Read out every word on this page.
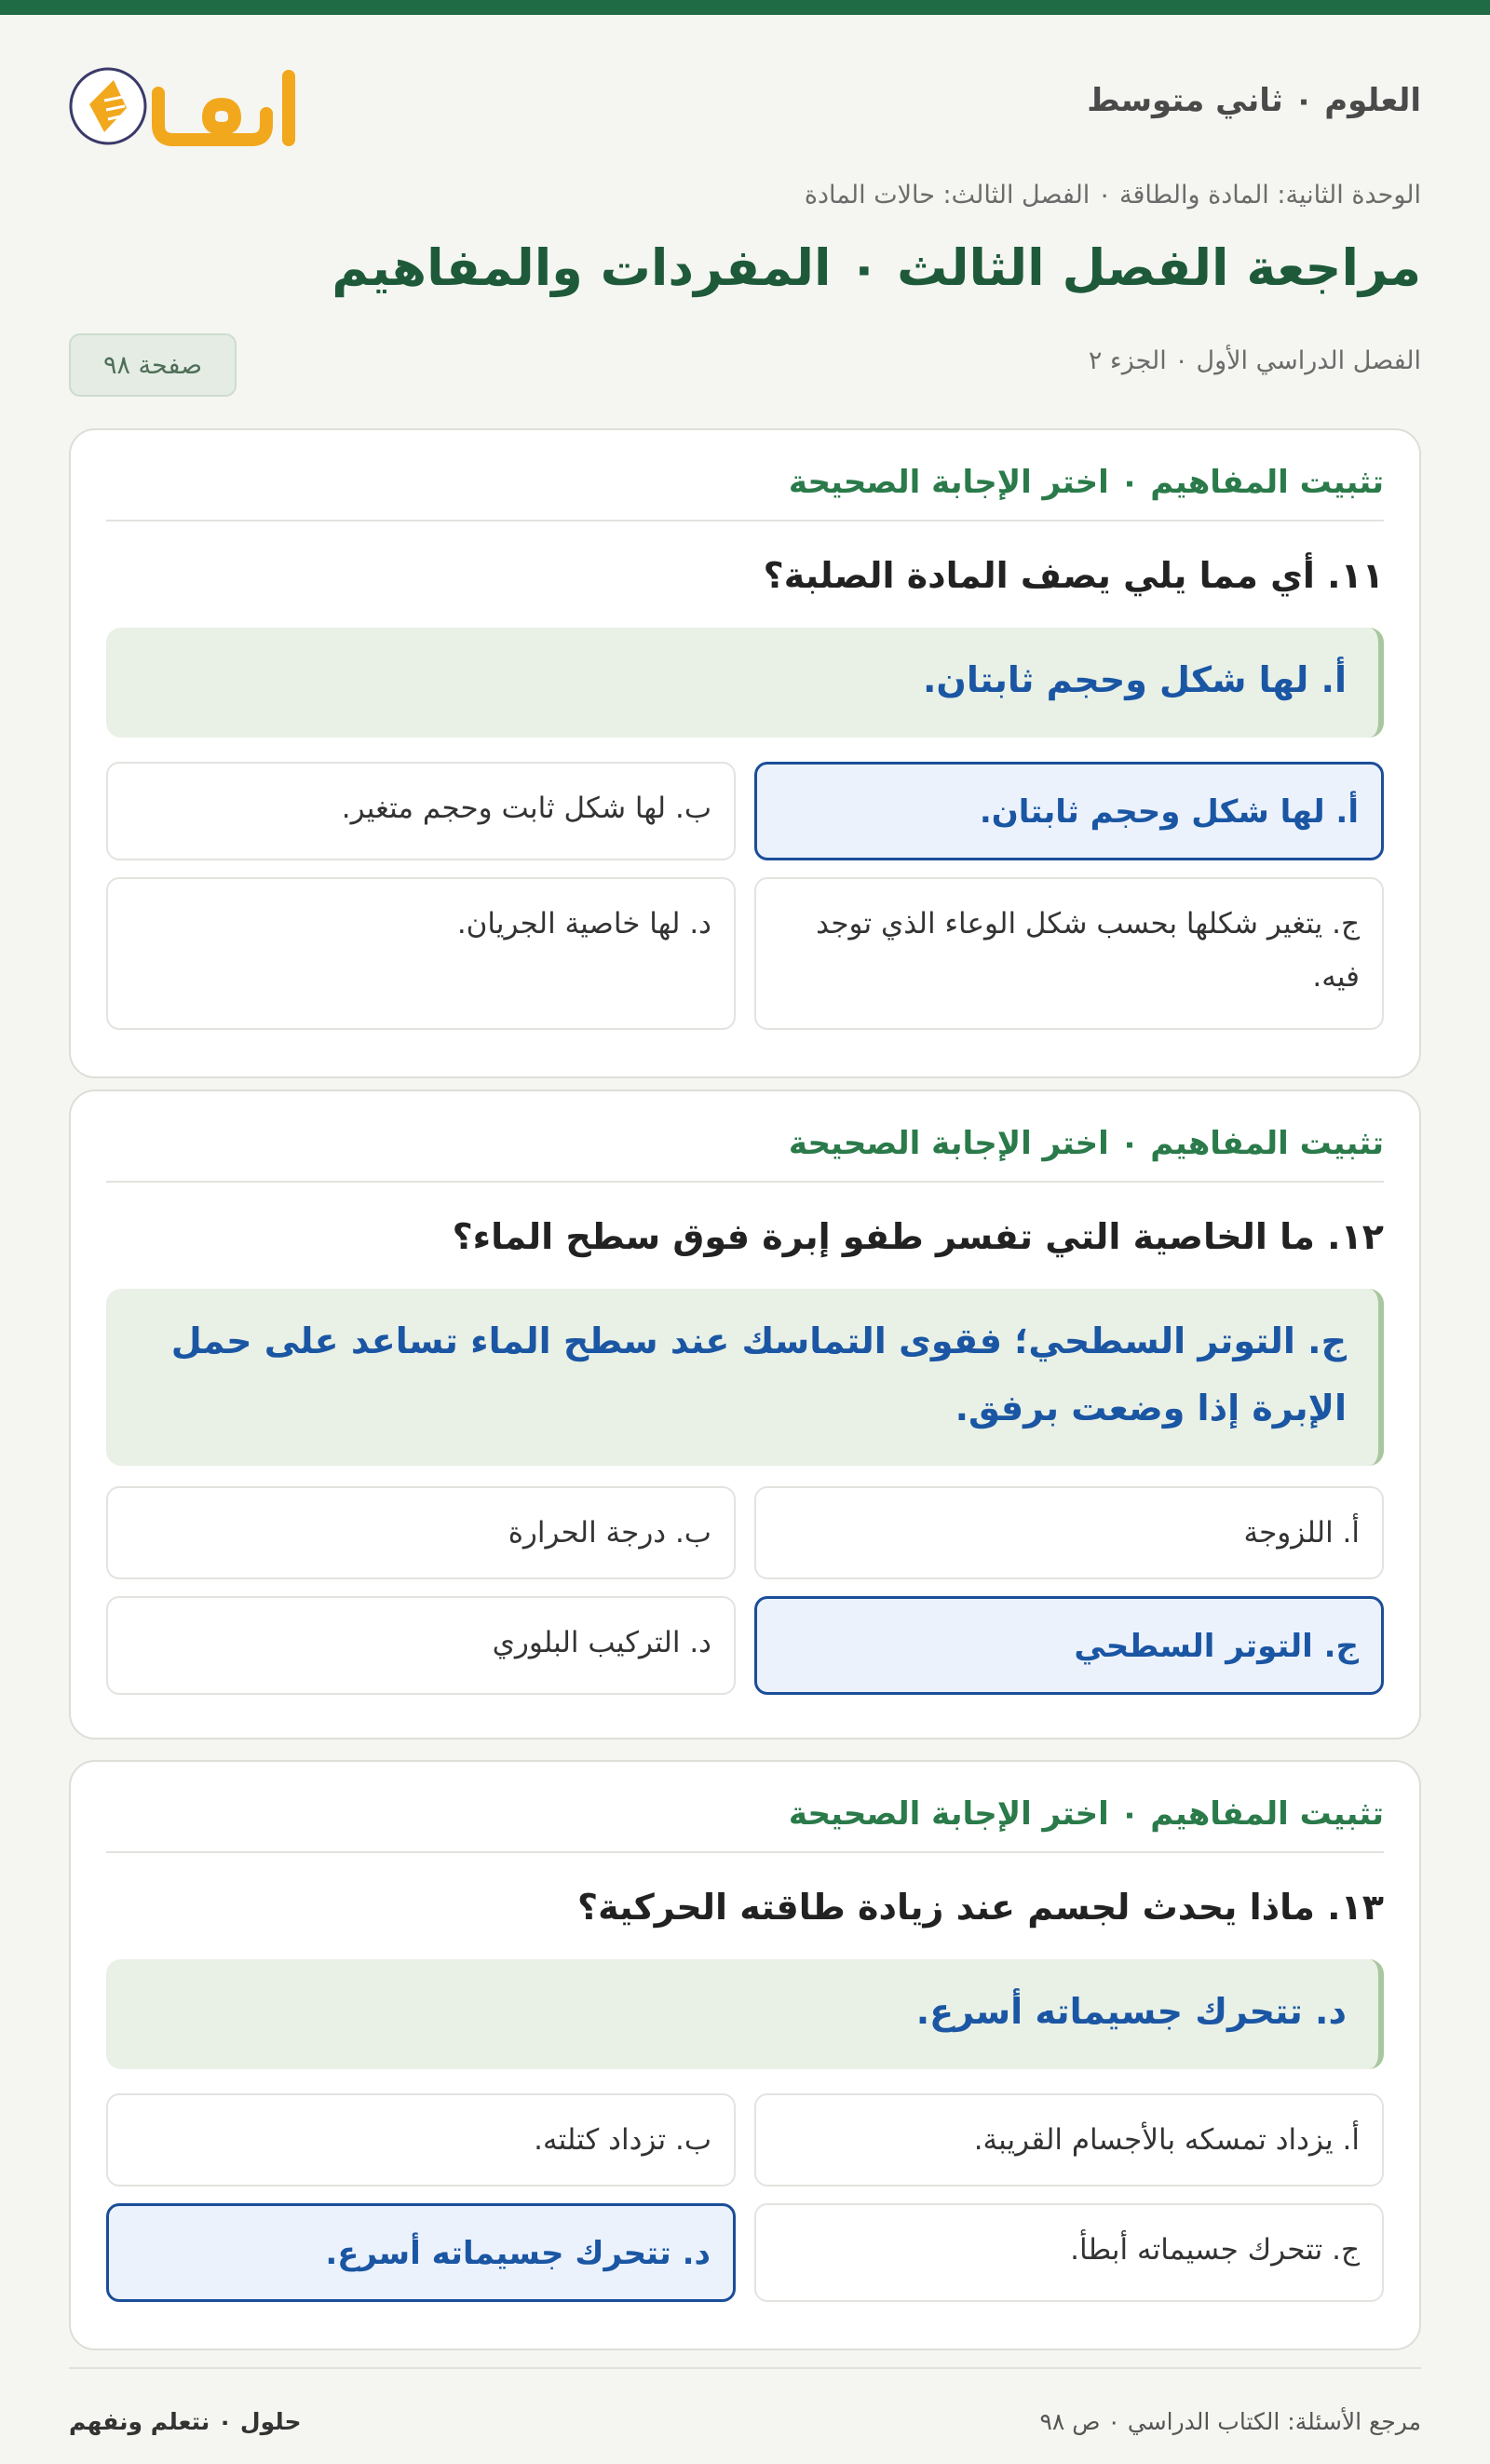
العلوم ٠ ثاني متوسط
الوحدة الثانية: المادة والطاقة ٠ الفصل الثالث: حالات المادة
مراجعة الفصل الثالث ٠ المفردات والمفاهيم
الفصل الدراسي الأول ٠ الجزء ٢
صفحة ٩٨
تثبيت المفاهيم ٠ اختر الإجابة الصحيحة
١١. أي مما يلي يصف المادة الصلبة؟
أ. لها شكل وحجم ثابتان.
أ. لها شكل وحجم ثابتان.
ب. لها شكل ثابت وحجم متغير.
ج. يتغير شكلها بحسب شكل الوعاء الذي توجد فيه.
د. لها خاصية الجريان.
تثبيت المفاهيم ٠ اختر الإجابة الصحيحة
١٢. ما الخاصية التي تفسر طفو إبرة فوق سطح الماء؟
ج. التوتر السطحي؛ فقوى التماسك عند سطح الماء تساعد على حمل الإبرة إذا وضعت برفق.
أ. اللزوجة
ب. درجة الحرارة
ج. التوتر السطحي
د. التركيب البلوري
تثبيت المفاهيم ٠ اختر الإجابة الصحيحة
١٣. ماذا يحدث لجسم عند زيادة طاقته الحركية؟
د. تتحرك جسيماته أسرع.
أ. يزداد تمسكه بالأجسام القريبة.
ب. تزداد كتلته.
ج. تتحرك جسيماته أبطأ.
د. تتحرك جسيماته أسرع.
مرجع الأسئلة: الكتاب الدراسي ٠ ص ٩٨
حلول ٠ نتعلم ونفهم
